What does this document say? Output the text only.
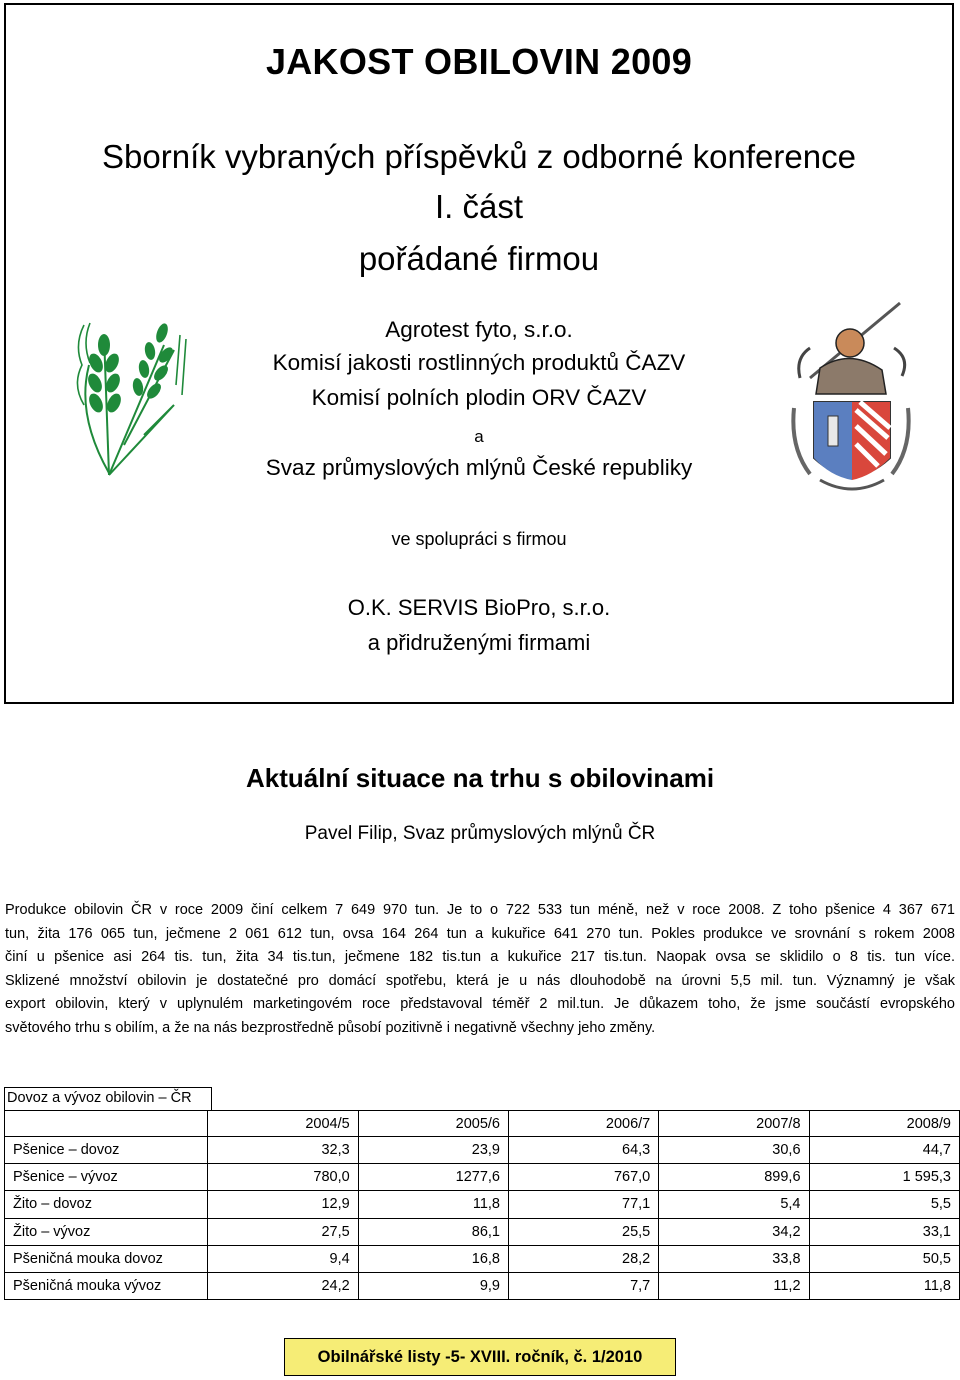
JAKOST OBILOVIN 2009
Sborník vybraných příspěvků z odborné konference
I. část
pořádané firmou
Agrotest fyto, s.r.o.
Komisí jakosti rostlinných produktů ČAZV
Komisí polních plodin ORV ČAZV
a
Svaz průmyslových mlýnů České republiky
ve spolupráci s firmou
O.K. SERVIS BioPro, s.r.o.
a přidruženými firmami
Aktuální situace na trhu s obilovinami
Pavel Filip, Svaz průmyslových mlýnů ČR
Produkce obilovin ČR v roce 2009 činí celkem 7 649 970 tun. Je to o 722 533 tun méně, než v roce 2008. Z toho pšenice 4 367 671
tun, žita 176 065 tun, ječmene 2 061 612 tun, ovsa 164 264 tun a kukuřice 641 270 tun. Pokles produkce ve srovnání s rokem 2008
činí u pšenice asi 264 tis. tun, žita 34 tis.tun, ječmene 182 tis.tun a kukuřice 217 tis.tun. Naopak ovsa se sklidilo o 8 tis. tun více.
Sklizené množství obilovin je dostatečné pro domácí spotřebu, která je u nás dlouhodobě na úrovni 5,5 mil. tun. Významný je však
export obilovin, který v uplynulém marketingovém roce představoval téměř 2 mil.tun. Je důkazem toho, že jsme součástí evropského
světového trhu s obilím, a že na nás bezprostředně působí pozitivně i negativně všechny jeho změny.
Dovoz a vývoz obilovin – ČR
	2004/5	2005/6	2006/7	2007/8	2008/9
Pšenice – dovoz	32,3	23,9	64,3	30,6	44,7
Pšenice – vývoz	780,0	1277,6	767,0	899,6	1 595,3
Žito – dovoz	12,9	11,8	77,1	5,4	5,5
Žito – vývoz	27,5	86,1	25,5	34,2	33,1
Pšeničná mouka dovoz	9,4	16,8	28,2	33,8	50,5
Pšeničná mouka vývoz	24,2	9,9	7,7	11,2	11,8
Obilnářské listy -5- XVIII. ročník, č. 1/2010
